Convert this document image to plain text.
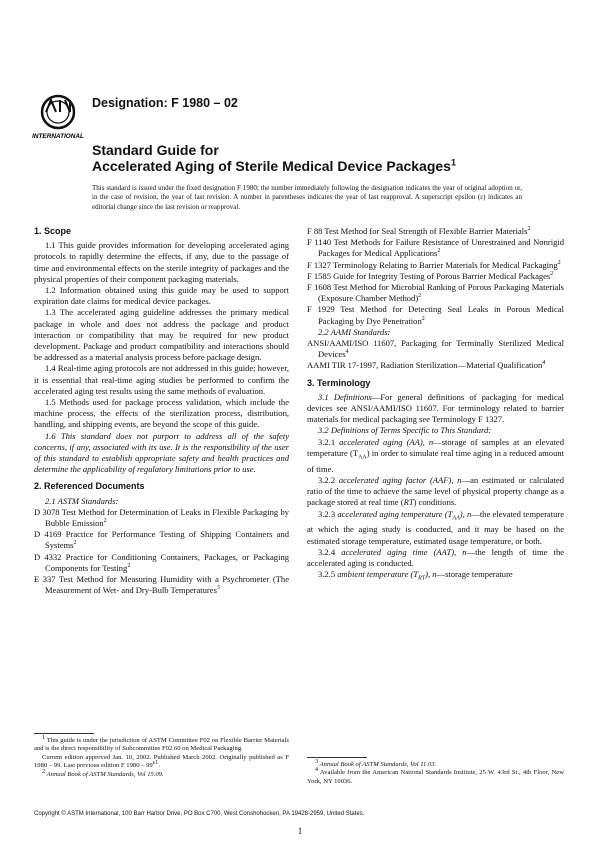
INTERNATIONAL
Designation: F 1980 – 02
Standard Guide for
Accelerated Aging of Sterile Medical Device Packages$^1$
This standard is issued under the fixed designation F 1980; the number immediately following the designation indicates the year of original adoption or, in the case of revision, the year of last revision. A number in parentheses indicates the year of last reapproval. A superscript epsilon (ε) indicates an editorial change since the last revision or reapproval.
1. Scope

1.1 This guide provides information for developing accelerated aging protocols to rapidly determine the effects, if any, due to the passage of time and environmental effects on the sterile integrity of packages and the physical properties of their component packaging materials.

1.2 Information obtained using this guide may be used to support expiration date claims for medical device packages.

1.3 The accelerated aging guideline addresses the primary medical package in whole and does not address the package and product interaction or compatibility that may be required for new product development. Package and product compatibility and interactions should be addressed as a material analysis process before package design.

1.4 Real-time aging protocols are not addressed in this guide; however, it is essential that real-time aging studies be performed to confirm the accelerated aging test results using the same methods of evaluation.

1.5 Methods used for package process validation, which include the machine process, the effects of the sterilization process, distribution, handling, and shipping events, are beyond the scope of this guide.

1.6 This standard does not purport to address all of the safety concerns, if any, associated with its use. It is the responsibility of the user of this standard to establish appropriate safety and health practices and determine the applicability of regulatory limitations prior to use.

2. Referenced Documents

2.1 ASTM Standards:

D 3078 Test Method for Determination of Leaks in Flexible Packaging by Bubble Emission$^2$

D 4169 Practice for Performance Testing of Shipping Containers and Systems$^2$

D 4332 Practice for Conditioning Containers, Packages, or Packaging Components for Testing$^2$

E 337 Test Method for Measuring Humidity with a Psychrometer (The Measurement of Wet- and Dry-Bulb Temperatures$^3$

F 88 Test Method for Seal Strength of Flexible Barrier Materials$^2$

F 1140 Test Methods for Failure Resistance of Unrestrained and Nonrigid Packages for Medical Applications$^2$

F 1327 Terminology Relating to Barrier Materials for Medical Packaging$^2$

F 1585 Guide for Integrity Testing of Porous Barrier Medical Packages$^2$

F 1608 Test Method for Microbial Ranking of Porous Packaging Materials (Exposure Chamber Method)$^2$

F 1929 Test Method for Detecting Seal Leaks in Porous Medical Packaging by Dye Penetration$^2$

2.2 AAMI Standards:

ANSI/AAMI/ISO 11607, Packaging for Terminally Sterilized Medical Devices$^4$

AAMI TIR 17-1997, Radiation Sterilization—Material Qualification$^4$

3. Terminology

3.1 Definitions—For general definitions of packaging for medical devices see ANSI/AAMI/ISO 11607. For terminology related to barrier materials for medical packaging see Terminology F 1327.

3.2 Definitions of Terms Specific to This Standard:

3.2.1 accelerated aging (AA), n—storage of samples at an elevated temperature $(T_{AA})$ in order to simulate real time aging in a reduced amount of time.

3.2.2 accelerated aging factor (AAF), n—an estimated or calculated ratio of the time to achieve the same level of physical property change as a package stored at real time (RT) conditions.

3.2.3 accelerated aging temperature $(T_{AA})$, n—the elevated temperature at which the aging study is conducted, and it may be based on the estimated storage temperature, estimated usage temperature, or both.

3.2.4 accelerated aging time (AAT), n—the length of time the accelerated aging is conducted.

3.2.5 ambient temperature $(T_{RT})$, n—storage temperature

$^1$ This guide is under the jurisdiction of ASTM Committee F02 on Flexible Barrier Materials and is the direct responsibility of Subcommittee F02.60 on Medical Packaging.
Current edition approved Jan. 10, 2002. Published March 2002. Originally published as F 1980 – 99. Last previous edition F $1980 - 99^{\varepsilon 1}$.
$^2$ Annual Book of ASTM Standards, Vol 15.09.
$^3$ Annual Book of ASTM Standards, Vol 11.03.
$^4$ Available from the American National Standards Institute, 25 W. 43rd St., 4th Floor, New York, NY 10036.
Copyright © ASTM International, 100 Barr Harbor Drive, PO Box C700, West Conshohocken, PA 19428-2959, United States.
1
